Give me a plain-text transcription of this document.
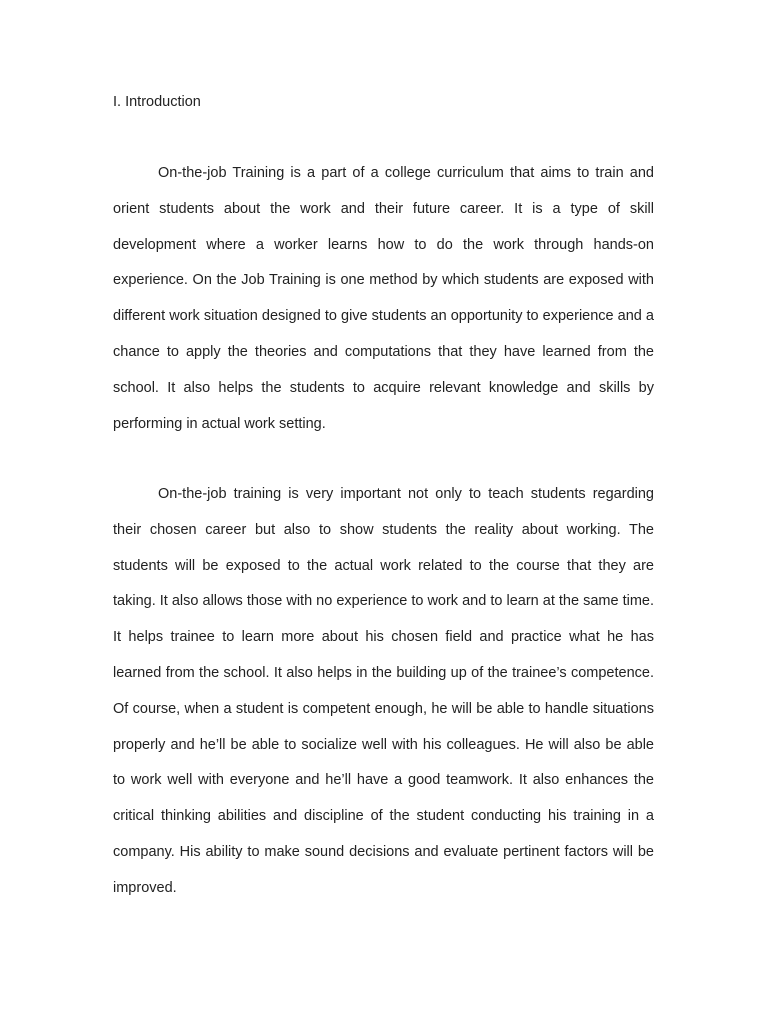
I. Introduction

On-the-job Training is a part of a college curriculum that aims to train and orient students about the work and their future career. It is a type of skill development where a worker learns how to do the work through hands-on experience. On the Job Training is one method by which students are exposed with different work situation designed to give students an opportunity to experience and a chance to apply the theories and computations that they have learned from the school. It also helps the students to acquire relevant knowledge and skills by performing in actual work setting.

On-the-job training is very important not only to teach students regarding their chosen career but also to show students the reality about working. The students will be exposed to the actual work related to the course that they are taking. It also allows those with no experience to work and to learn at the same time. It helps trainee to learn more about his chosen field and practice what he has learned from the school. It also helps in the building up of the trainee’s competence. Of course, when a student is competent enough, he will be able to handle situations properly and he’ll be able to socialize well with his colleagues. He will also be able to work well with everyone and he’ll have a good teamwork. It also enhances the critical thinking abilities and discipline of the student conducting his training in a company. His ability to make sound decisions and evaluate pertinent factors will be improved.
